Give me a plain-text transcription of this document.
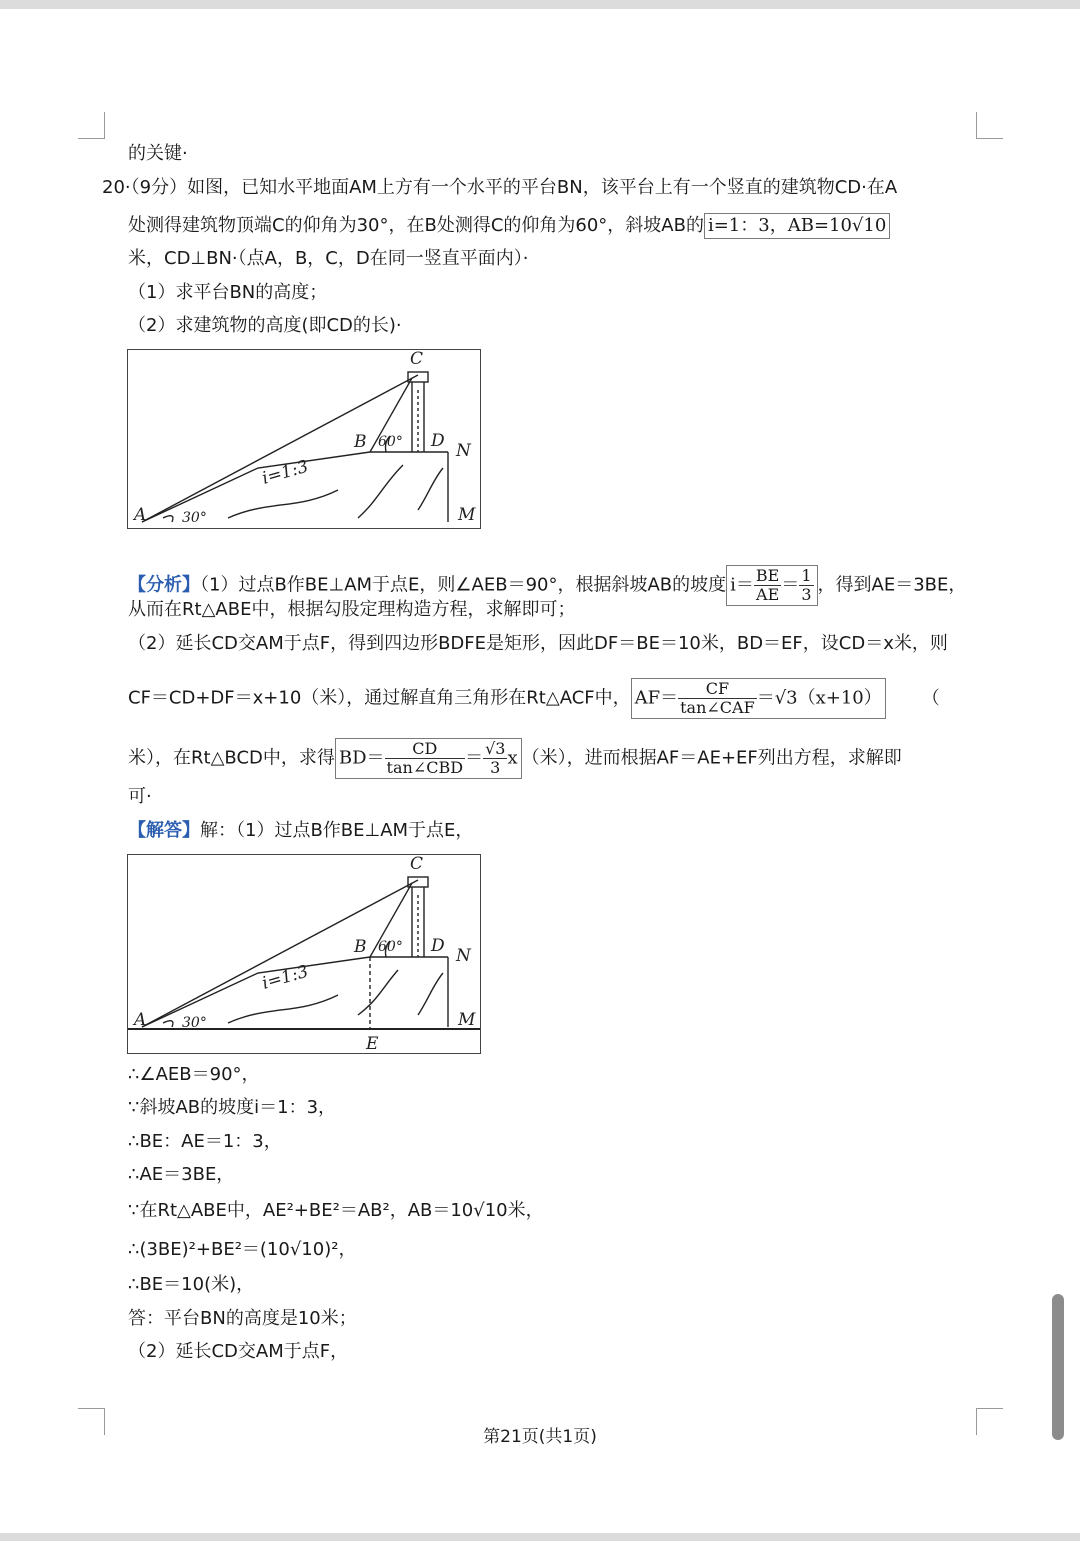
的关键·
20·（9分）如图，已知水平地面AM上方有一个水平的平台BN，该平台上有一个竖直的建筑物CD·在A
处测得建筑物顶端C的仰角为30°，在B处测得C的仰角为60°，斜坡AB的 i=1：3，AB=10√10
米，CD⊥BN·（点A，B，C，D在同一竖直平面内）·
（1）求平台BN的高度；
（2）求建筑物的高度(即CD的长)·
C
B	D N
A	M
i=1:3
60°
30°
【分析】（1）过点B作BE⊥AM于点E，则∠AEB＝90°，根据斜坡AB的坡度 $i= \frac{BE}{AE} = \frac{1}{3}$ ，得到AE＝3BE，
从而在Rt△ABE中，根据勾股定理构造方程，求解即可；
（2）延长CD交AM于点F，得到四边形BDFE是矩形，因此DF＝BE＝10米，BD＝EF，设CD＝x米，则
CF＝CD+DF＝x+10（米），通过解直角三角形在Rt△ACF中， $AF= \frac{CF}{\text{tan∠CAF}} =√3(x+10)$ （
米），在Rt△BCD中，求得 $BD= \frac{CD}{\text{tan∠CBD}} = \frac{√3}{3}$ x （米），进而根据AF＝AE+EF列出方程，求解即
可·
【解答】解：（1）过点B作BE⊥AM于点E，
C
B	D N
A	M
E
i=1:3
60°
30°
∴∠AEB＝90°，
∵斜坡AB的坡度i＝1：3，
∴BE：AE＝1：3，
∴AE＝3BE，
∵在Rt△ABE中，AE²+BE²＝AB²，AB＝10√10米，
∴(3BE)²+BE²＝(10√10)²，
∴BE＝10(米)，
答：平台BN的高度是10米；
（2）延长CD交AM于点F，
第21页(共1页)
